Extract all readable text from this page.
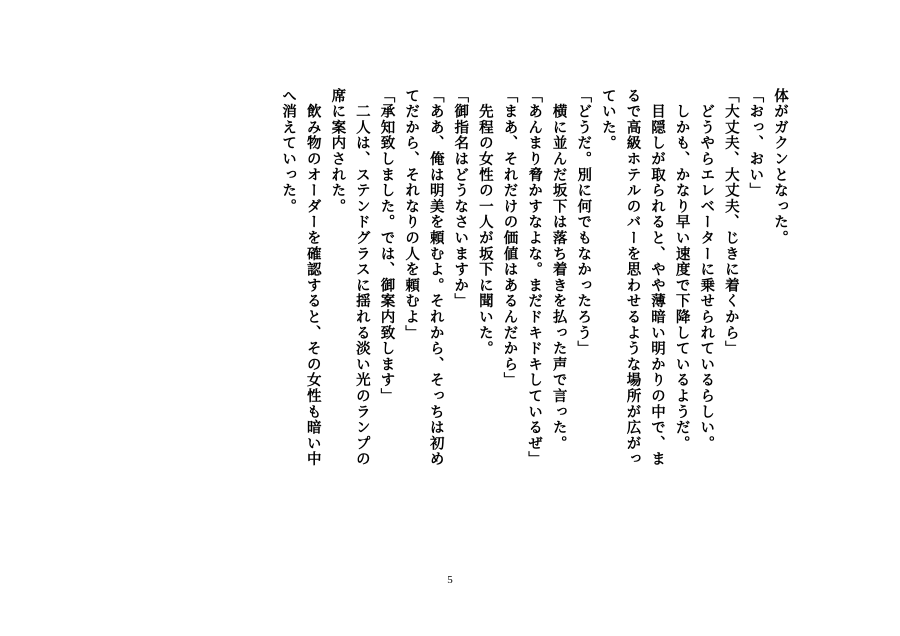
体がガクンとなった。
「おっ、おい」
「大丈夫、大丈夫、じきに着くから」
　どうやらエレベーターに乗せられているらしい。
　しかも、かなり早い速度で下降しているようだ。
　目隠しが取られると、やや薄暗い明かりの中で、ま
るで高級ホテルのバーを思わせるような場所が広がっ
ていた。
「どうだ。別に何でもなかったろう」
　横に並んだ坂下は落ち着きを払った声で言った。
「あんまり脅かすなよな。まだドキドキしているぜ」
「まあ、それだけの価値はあるんだから」
　先程の女性の一人が坂下に聞いた。
「御指名はどうなさいますか」
「ああ、俺は明美を頼むよ。それから、そっちは初め
てだから、それなりの人を頼むよ」
「承知致しました。では、御案内致します」
　二人は、ステンドグラスに揺れる淡い光のランプの
席に案内された。
　飲み物のオーダーを確認すると、その女性も暗い中
へ消えていった。
5
